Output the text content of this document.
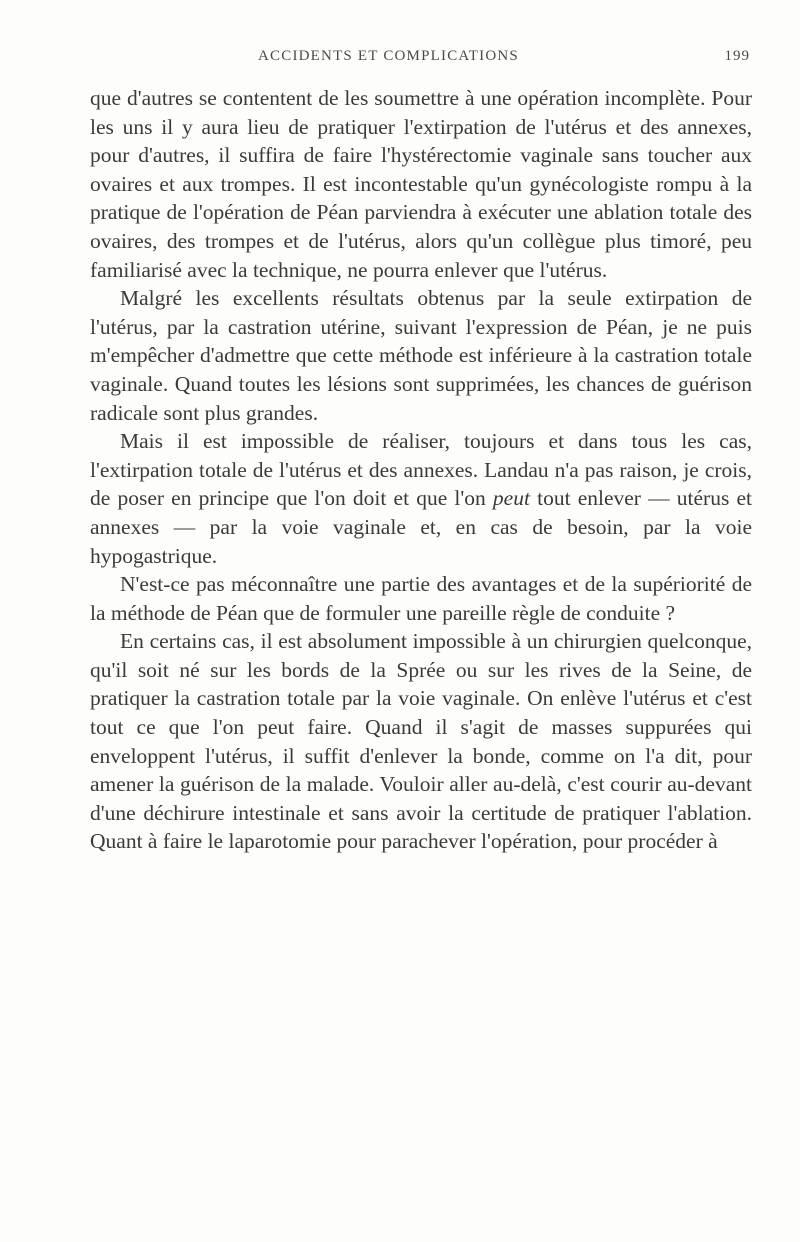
ACCIDENTS ET COMPLICATIONS	199

que d'autres se contentent de les soumettre à une opération incomplète. Pour les uns il y aura lieu de pratiquer l'extirpation de l'utérus et des annexes, pour d'autres, il suffira de faire l'hystérectomie vaginale sans toucher aux ovaires et aux trompes. Il est incontestable qu'un gynécologiste rompu à la pratique de l'opération de Péan parviendra à exécuter une ablation totale des ovaires, des trompes et de l'utérus, alors qu'un collègue plus timoré, peu familiarisé avec la technique, ne pourra enlever que l'utérus.

Malgré les excellents résultats obtenus par la seule extirpation de l'utérus, par la castration utérine, suivant l'expression de Péan, je ne puis m'empêcher d'admettre que cette méthode est inférieure à la castration totale vaginale. Quand toutes les lésions sont supprimées, les chances de guérison radicale sont plus grandes.

Mais il est impossible de réaliser, toujours et dans tous les cas, l'extirpation totale de l'utérus et des annexes. Landau n'a pas raison, je crois, de poser en principe que l'on doit et que l'on peut tout enlever — utérus et annexes — par la voie vaginale et, en cas de besoin, par la voie hypogastrique.

N'est-ce pas méconnaître une partie des avantages et de la supériorité de la méthode de Péan que de formuler une pareille règle de conduite ?

En certains cas, il est absolument impossible à un chirurgien quelconque, qu'il soit né sur les bords de la Sprée ou sur les rives de la Seine, de pratiquer la castration totale par la voie vaginale. On enlève l'utérus et c'est tout ce que l'on peut faire. Quand il s'agit de masses suppurées qui enveloppent l'utérus, il suffit d'enlever la bonde, comme on l'a dit, pour amener la guérison de la malade. Vouloir aller au-delà, c'est courir au-devant d'une déchirure intestinale et sans avoir la certitude de pratiquer l'ablation. Quant à faire le laparotomie pour parachever l'opération, pour procéder à
